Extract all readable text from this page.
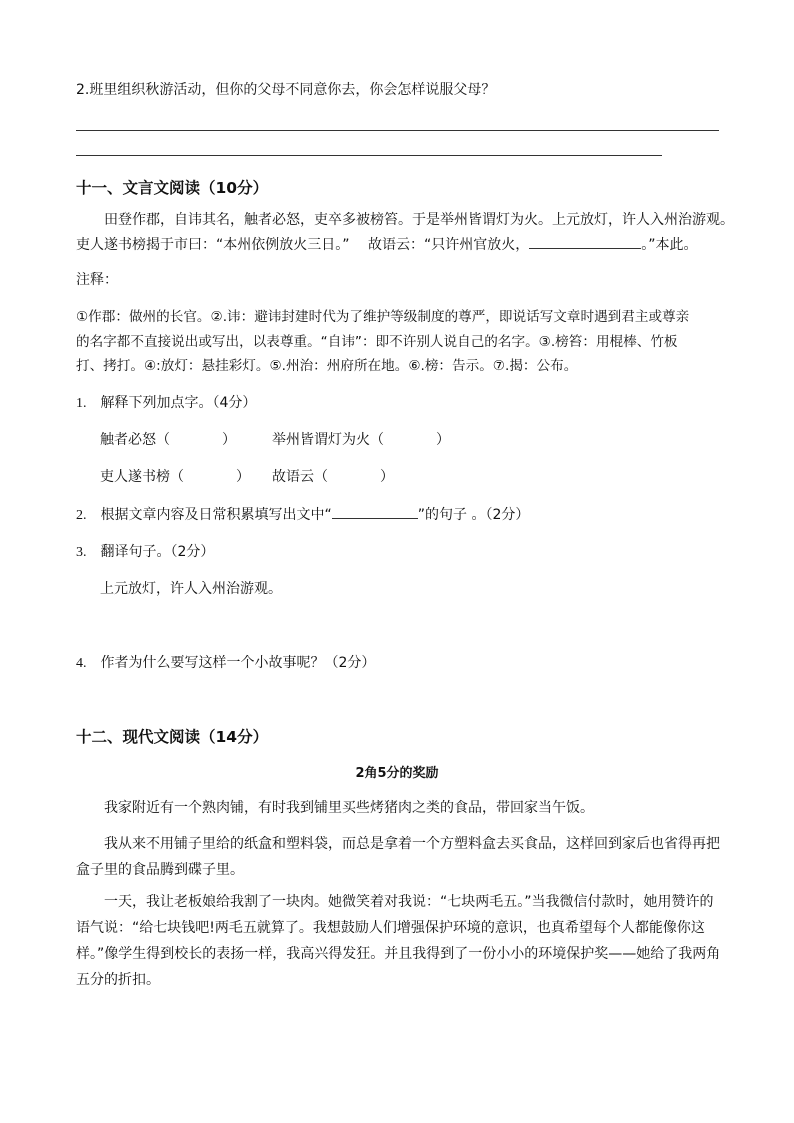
2.班里组织秋游活动，但你的父母不同意你去，你会怎样说服父母？
十一、文言文阅读（10分）
田登作郡，自讳其名，触者必怒，吏卒多被榜笞。于是举州皆谓灯为火。上元放灯，许人入州治游观。
吏人遂书榜揭于市曰：“本州依例放火三日。”　 故语云：“只许州官放火，	。”本此。
注释：
①作郡：做州的长官。②.讳：避讳封建时代为了维护等级制度的尊严，即说话写文章时遇到君主或尊亲
的名字都不直接说出或写出，以表尊重。“自讳”：即不许别人说自己的名字。③.榜笞：用棍棒、竹板
打、拷打。④:放灯：悬挂彩灯。⑤.州治：州府所在地。⑥.榜：告示。⑦.揭：公布。
1. 解释下列加点字。（4分）
触者必怒（	）	举州皆谓灯为火（	）
吏人遂书榜（	） 故语云（	）
2. 根据文章内容及日常积累填写出文中“	”的句子 。（2分）
3. 翻译句子。（2分）
上元放灯，许人入州治游观。
4. 作者为什么要写这样一个小故事呢？（2分）
十二、现代文阅读（14分）
2角5分的奖励
我家附近有一个熟肉铺，有时我到铺里买些烤猪肉之类的食品，带回家当午饭。
我从来不用铺子里给的纸盒和塑料袋，而总是拿着一个方塑料盒去买食品，这样回到家后也省得再把盒子里的食品腾到碟子里。
一天，我让老板娘给我割了一块肉。她微笑着对我说：“七块两毛五。”当我微信付款时，她用赞许的语气说：“给七块钱吧!两毛五就算了。我想鼓励人们增强保护环境的意识，也真希望每个人都能像你这样。”像学生得到校长的表扬一样，我高兴得发狂。并且我得到了一份小小的环境保护奖——她给了我两角五分的折扣。
